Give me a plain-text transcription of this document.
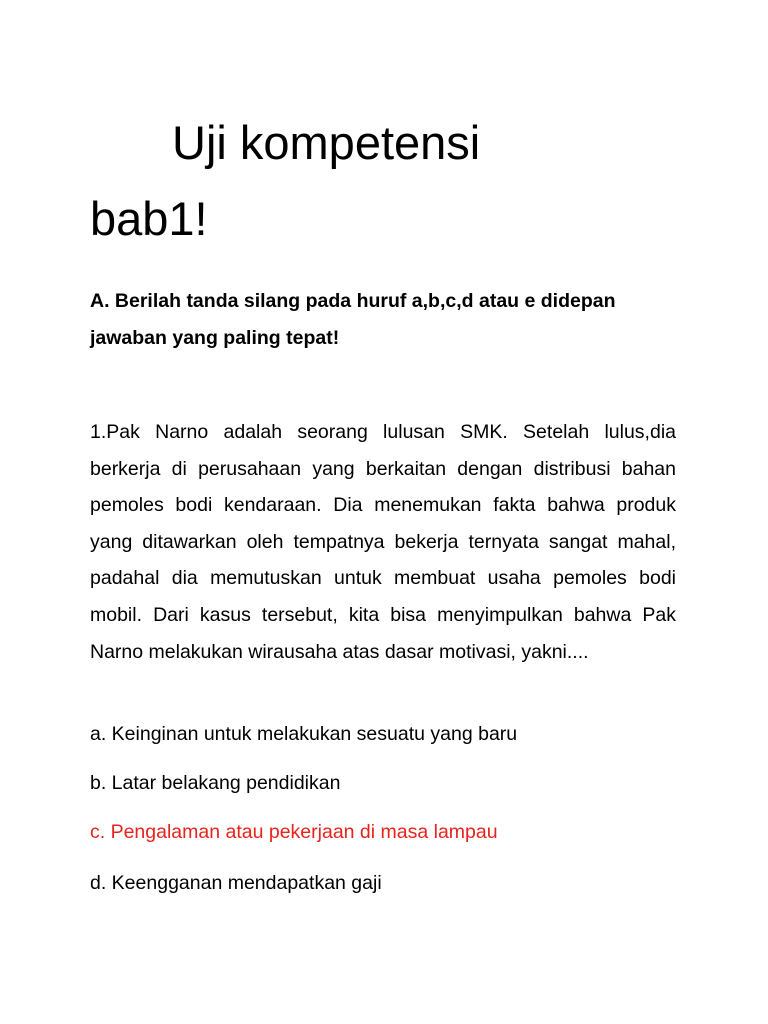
Uji kompetensi
bab1!
A. Berilah tanda silang pada huruf a,b,c,d atau e didepan jawaban yang paling tepat!
1.Pak Narno adalah seorang lulusan SMK. Setelah lulus,dia berkerja di perusahaan yang berkaitan dengan distribusi bahan pemoles bodi kendaraan. Dia menemukan fakta bahwa produk yang ditawarkan oleh tempatnya bekerja ternyata sangat mahal, padahal dia memutuskan untuk membuat usaha pemoles bodi mobil. Dari kasus tersebut, kita bisa menyimpulkan bahwa Pak Narno melakukan wirausaha atas dasar motivasi, yakni....
a. Keinginan untuk melakukan sesuatu yang baru
b. Latar belakang pendidikan
c. Pengalaman atau pekerjaan di masa lampau
d. Keengganan mendapatkan gaji
